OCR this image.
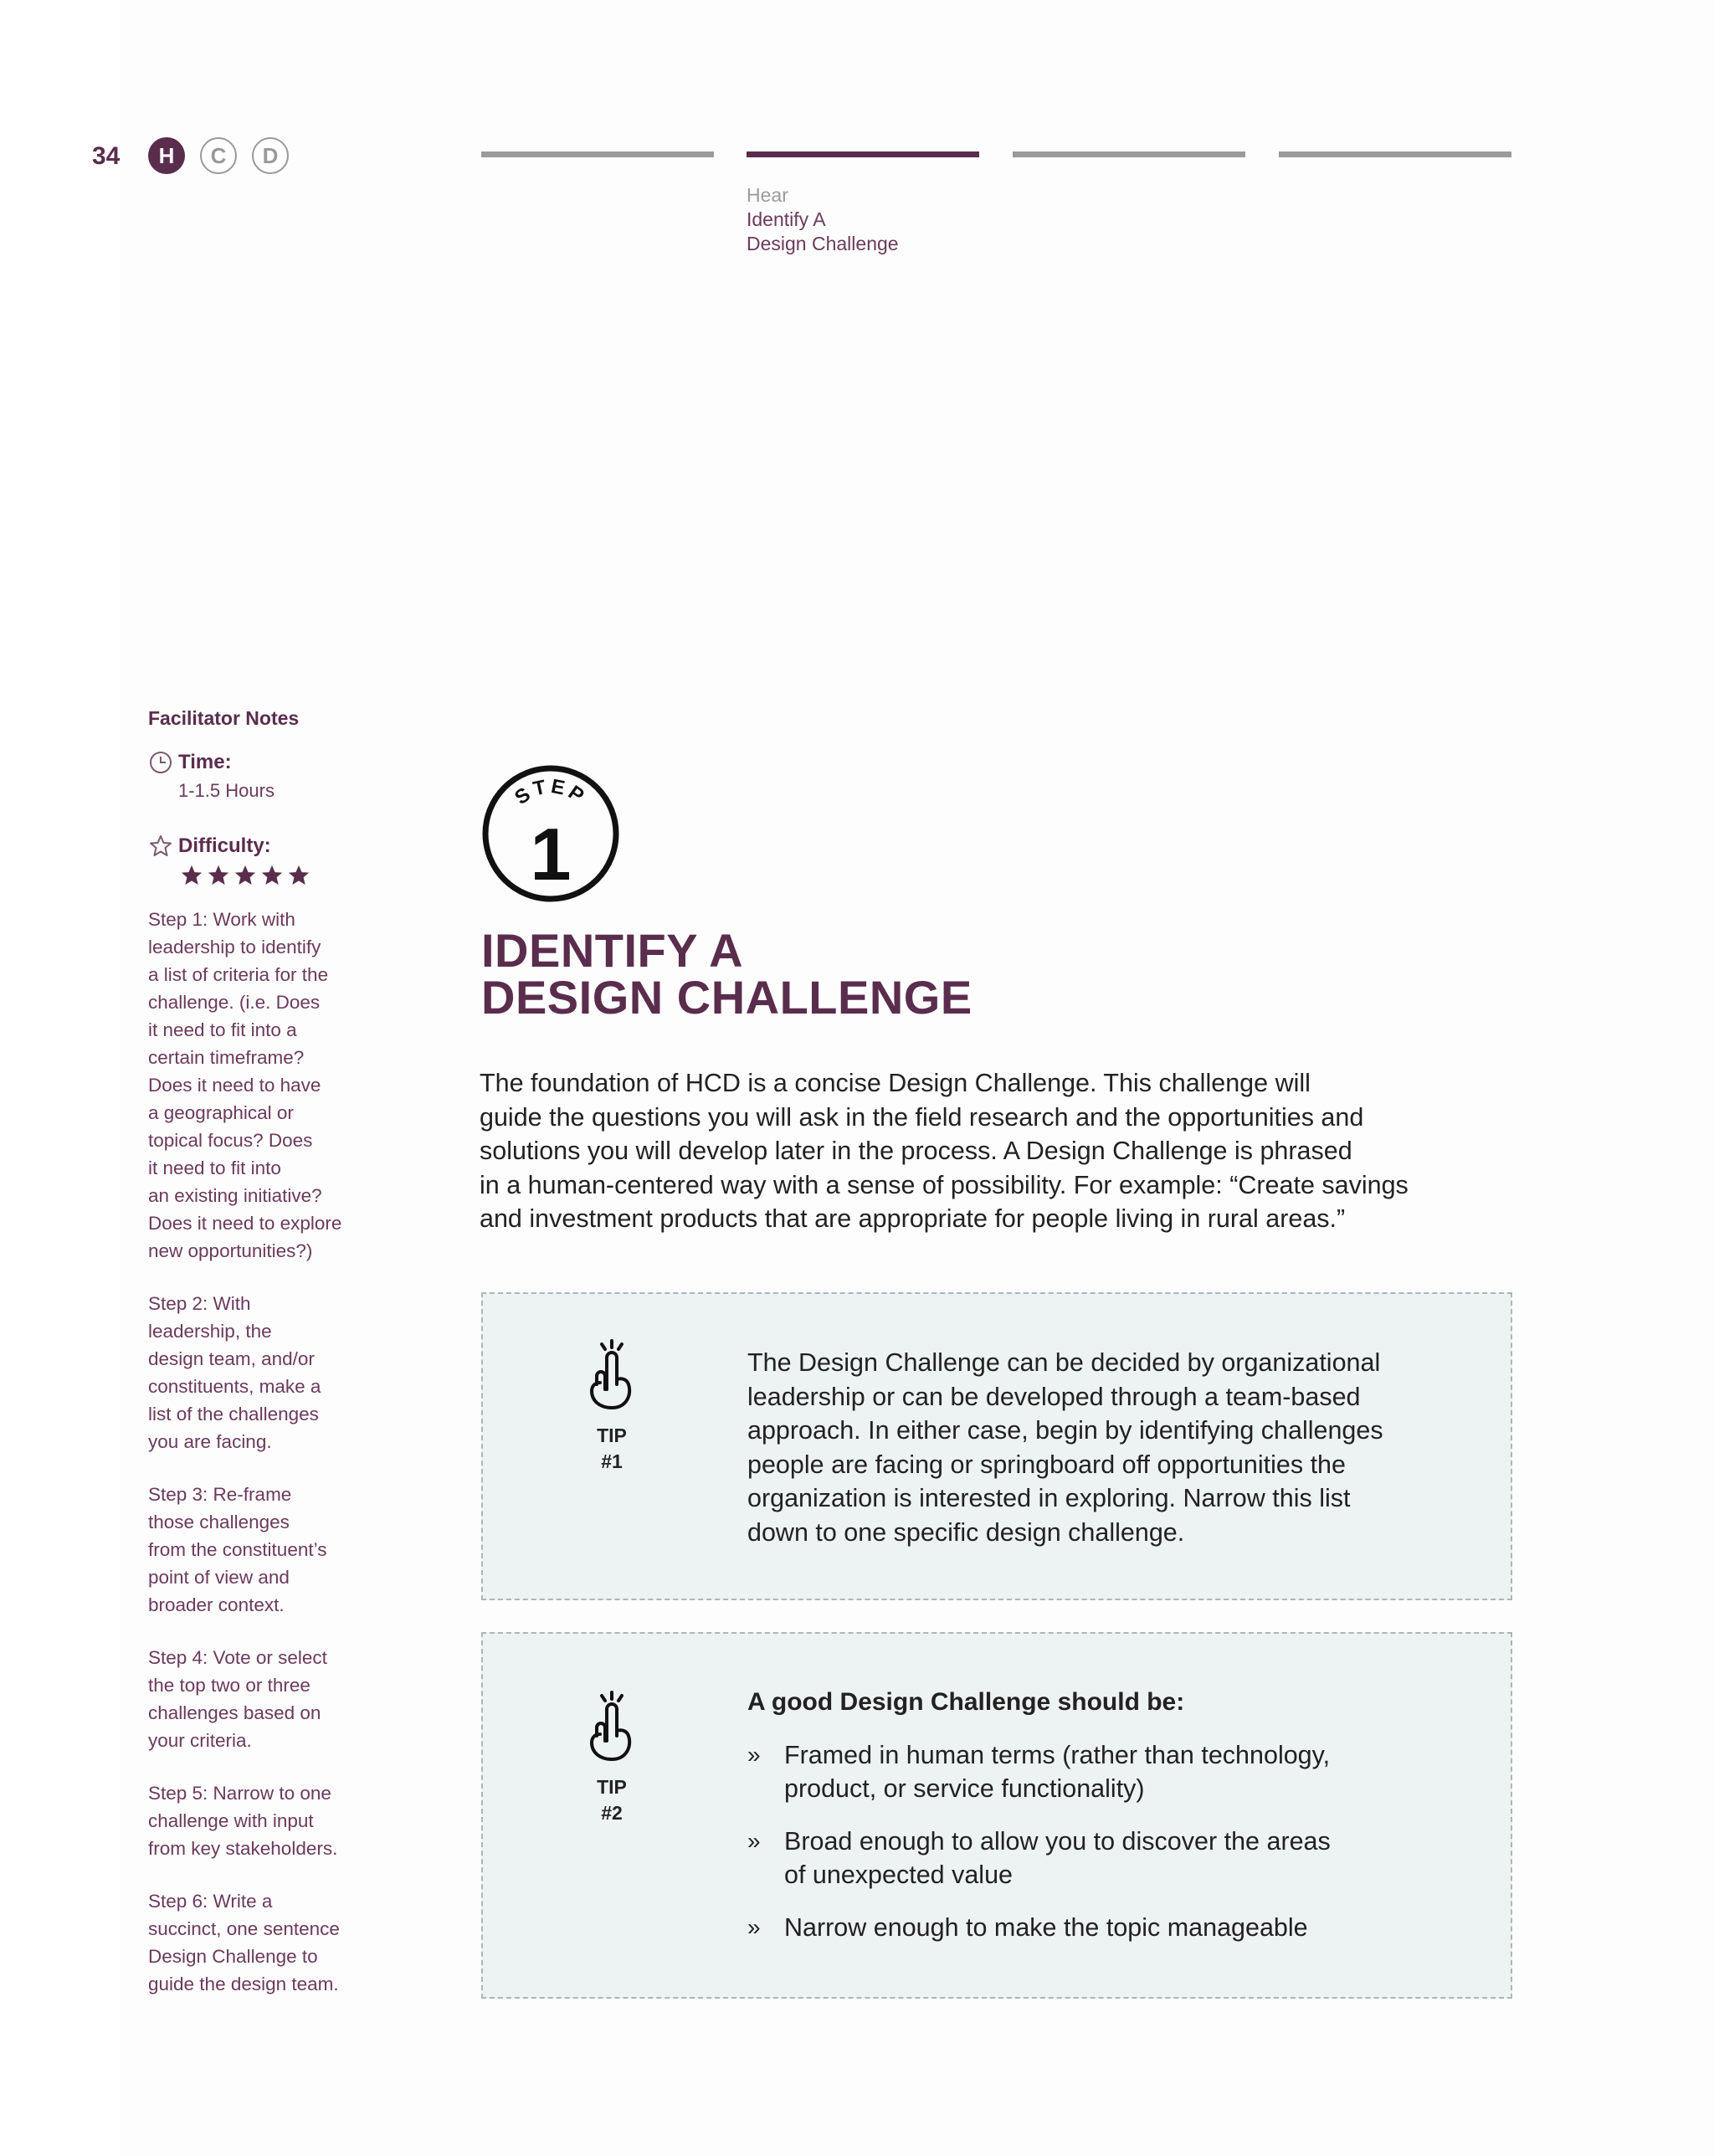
34	H	C	D
Hear
Identify A
Design Challenge
Facilitator Notes
Time:
1-1.5 Hours
Difficulty:
Step 1: Work with
leadership to identify
a list of criteria for the
challenge. (i.e. Does
it need to fit into a
certain timeframe?
Does it need to have
a geographical or
topical focus? Does
it need to fit into
an existing initiative?
Does it need to explore
new opportunities?)
Step 2: With
leadership, the
design team, and/or
constituents, make a
list of the challenges
you are facing.
Step 3: Re-frame
those challenges
from the constituent’s
point of view and
broader context.
Step 4: Vote or select
the top two or three
challenges based on
your criteria.
Step 5: Narrow to one
challenge with input
from key stakeholders.
Step 6: Write a
succinct, one sentence
Design Challenge to
guide the design team.
STEP
1
IDENTIFY A
DESIGN CHALLENGE
The foundation of HCD is a concise Design Challenge. This challenge will
guide the questions you will ask in the field research and the opportunities and
solutions you will develop later in the process. A Design Challenge is phrased
in a human-centered way with a sense of possibility. For example: “Create savings
and investment products that are appropriate for people living in rural areas.”
TIP
#1
The Design Challenge can be decided by organizational
leadership or can be developed through a team-based
approach. In either case, begin by identifying challenges
people are facing or springboard off opportunities the
organization is interested in exploring. Narrow this list
down to one specific design challenge.
TIP
#2
A good Design Challenge should be:
» Framed in human terms (rather than technology,
product, or service functionality)
» Broad enough to allow you to discover the areas
of unexpected value
» Narrow enough to make the topic manageable
